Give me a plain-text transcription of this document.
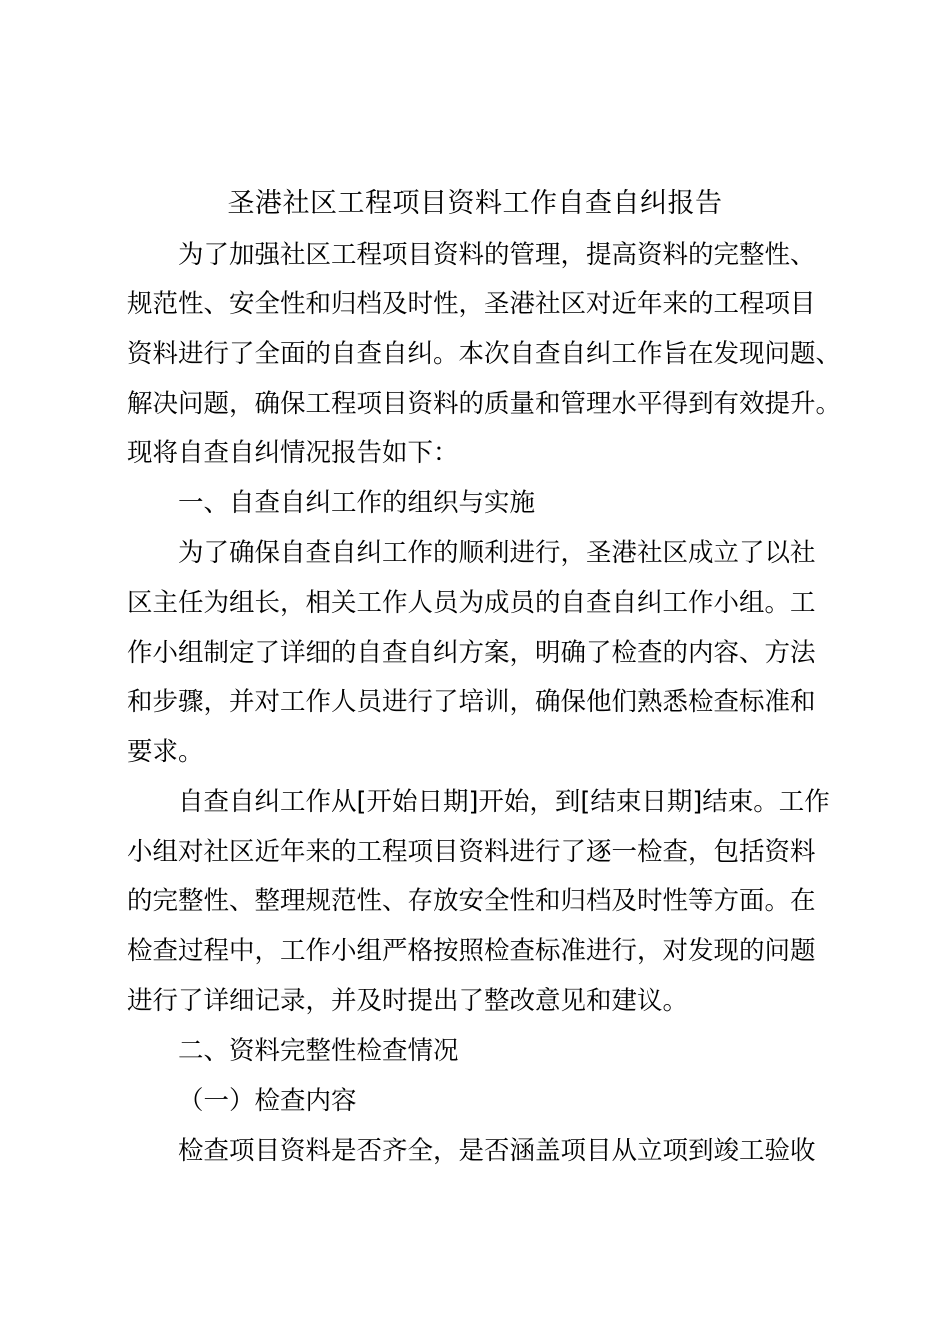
圣港社区工程项目资料工作自查自纠报告
为了加强社区工程项目资料的管理，提高资料的完整性、
规范性、安全性和归档及时性，圣港社区对近年来的工程项目
资料进行了全面的自查自纠。本次自查自纠工作旨在发现问题、
解决问题，确保工程项目资料的质量和管理水平得到有效提升。
现将自查自纠情况报告如下：
一、自查自纠工作的组织与实施
为了确保自查自纠工作的顺利进行，圣港社区成立了以社
区主任为组长，相关工作人员为成员的自查自纠工作小组。工
作小组制定了详细的自查自纠方案，明确了检查的内容、方法
和步骤，并对工作人员进行了培训，确保他们熟悉检查标准和
要求。
自查自纠工作从[开始日期]开始，到[结束日期]结束。工作
小组对社区近年来的工程项目资料进行了逐一检查，包括资料
的完整性、整理规范性、存放安全性和归档及时性等方面。在
检查过程中，工作小组严格按照检查标准进行，对发现的问题
进行了详细记录，并及时提出了整改意见和建议。
二、资料完整性检查情况
（一）检查内容
检查项目资料是否齐全，是否涵盖项目从立项到竣工验收
